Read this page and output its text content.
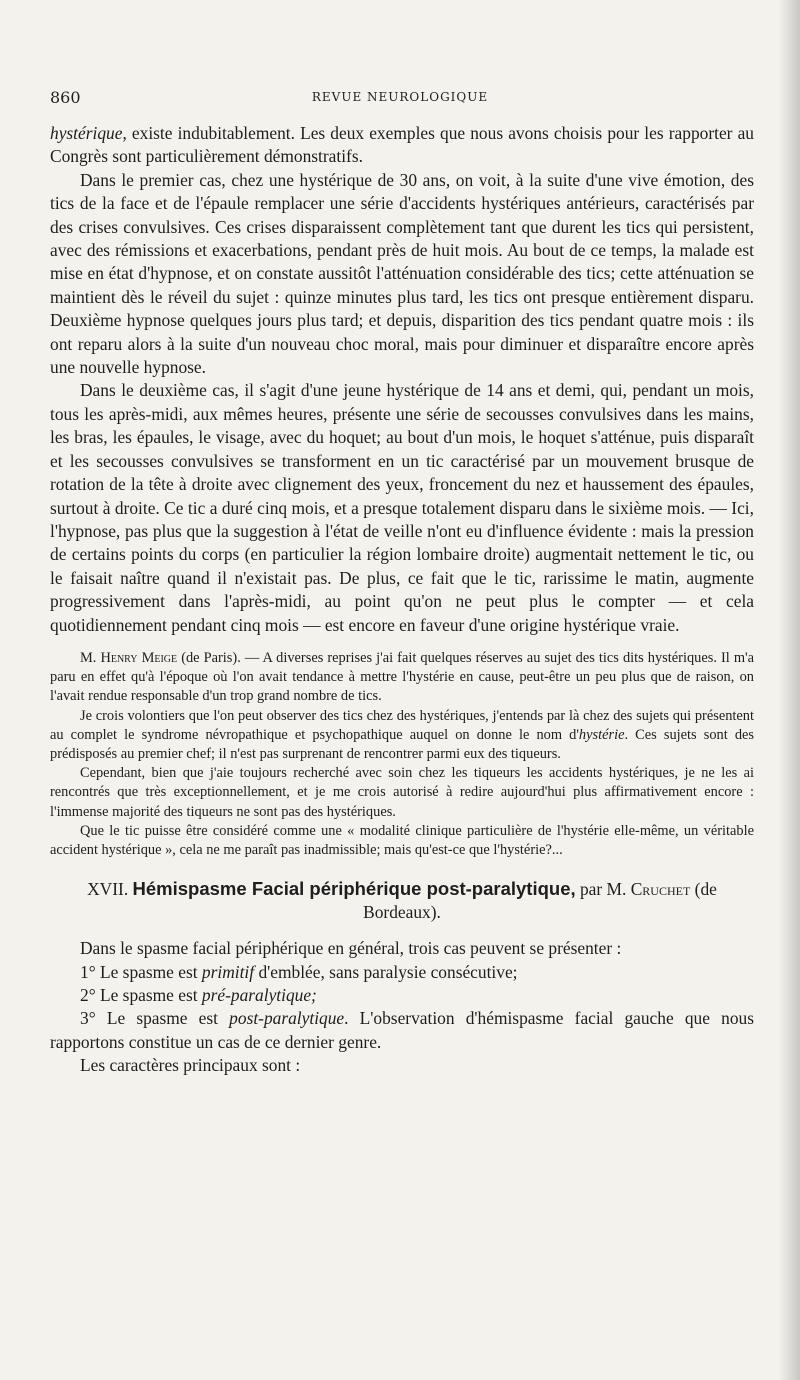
860	REVUE NEUROLOGIQUE

hystérique, existe indubitablement. Les deux exemples que nous avons choisis pour les rapporter au Congrès sont particulièrement démonstratifs.

Dans le premier cas, chez une hystérique de 30 ans, on voit, à la suite d'une vive émotion, des tics de la face et de l'épaule remplacer une série d'accidents hystériques antérieurs, caractérisés par des crises convulsives. Ces crises disparaissent complètement tant que durent les tics qui persistent, avec des rémissions et exacerbations, pendant près de huit mois. Au bout de ce temps, la malade est mise en état d'hypnose, et on constate aussitôt l'atténuation considérable des tics; cette atténuation se maintient dès le réveil du sujet : quinze minutes plus tard, les tics ont presque entièrement disparu. Deuxième hypnose quelques jours plus tard; et depuis, disparition des tics pendant quatre mois : ils ont reparu alors à la suite d'un nouveau choc moral, mais pour diminuer et disparaître encore après une nouvelle hypnose.

Dans le deuxième cas, il s'agit d'une jeune hystérique de 14 ans et demi, qui, pendant un mois, tous les après-midi, aux mêmes heures, présente une série de secousses convulsives dans les mains, les bras, les épaules, le visage, avec du hoquet; au bout d'un mois, le hoquet s'atténue, puis disparaît et les secousses convulsives se transforment en un tic caractérisé par un mouvement brusque de rotation de la tête à droite avec clignement des yeux, froncement du nez et haussement des épaules, surtout à droite. Ce tic a duré cinq mois, et a presque totalement disparu dans le sixième mois. — Ici, l'hypnose, pas plus que la suggestion à l'état de veille n'ont eu d'influence évidente : mais la pression de certains points du corps (en particulier la région lombaire droite) augmentait nettement le tic, ou le faisait naître quand il n'existait pas. De plus, ce fait que le tic, rarissime le matin, augmente progressivement dans l'après-midi, au point qu'on ne peut plus le compter — et cela quotidiennement pendant cinq mois — est encore en faveur d'une origine hystérique vraie.

M. Henry Meige (de Paris). — A diverses reprises j'ai fait quelques réserves au sujet des tics dits hystériques. Il m'a paru en effet qu'à l'époque où l'on avait tendance à mettre l'hystérie en cause, peut-être un peu plus que de raison, on l'avait rendue responsable d'un trop grand nombre de tics.

Je crois volontiers que l'on peut observer des tics chez des hystériques, j'entends par là chez des sujets qui présentent au complet le syndrome névropathique et psychopathique auquel on donne le nom d'hystérie. Ces sujets sont des prédisposés au premier chef; il n'est pas surprenant de rencontrer parmi eux des tiqueurs.

Cependant, bien que j'aie toujours recherché avec soin chez les tiqueurs les accidents hystériques, je ne les ai rencontrés que très exceptionnellement, et je me crois autorisé à redire aujourd'hui plus affirmativement encore : l'immense majorité des tiqueurs ne sont pas des hystériques.

Que le tic puisse être considéré comme une « modalité clinique particulière de l'hystérie elle-même, un véritable accident hystérique », cela ne me paraît pas inadmissible; mais qu'est-ce que l'hystérie?...

XVII. Hémispasme Facial périphérique post-paralytique, par M. Cruchet (de Bordeaux).

Dans le spasme facial périphérique en général, trois cas peuvent se présenter :

1° Le spasme est primitif d'emblée, sans paralysie consécutive;

2° Le spasme est pré-paralytique;

3° Le spasme est post-paralytique. L'observation d'hémispasme facial gauche que nous rapportons constitue un cas de ce dernier genre.

Les caractères principaux sont :
